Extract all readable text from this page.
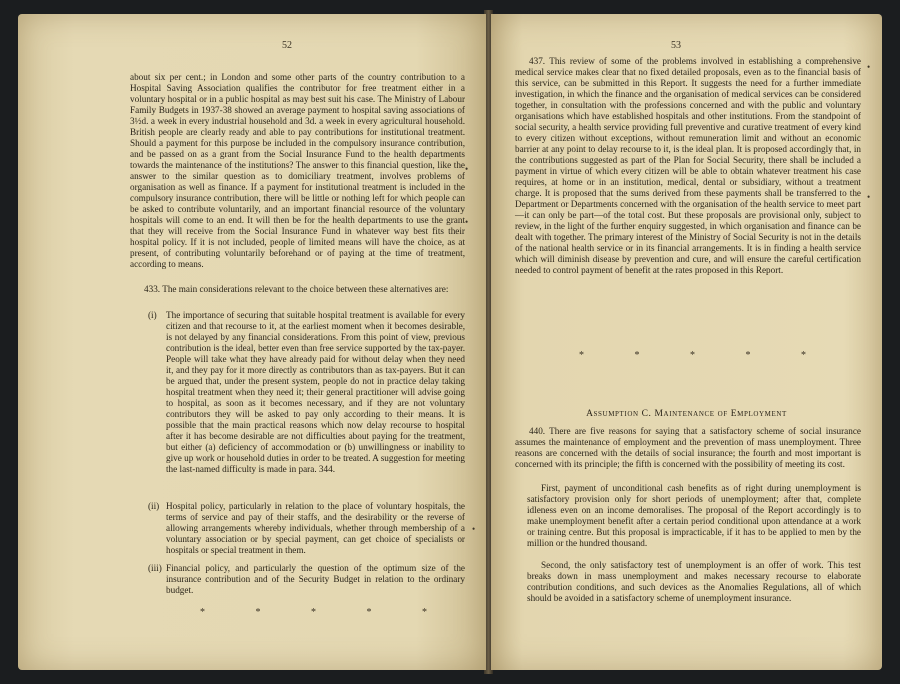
52

about six per cent.; in London and some other parts of the country contribution to a Hospital Saving Association qualifies the contributor for free treatment either in a voluntary hospital or in a public hospital as may best suit his case. The Ministry of Labour Family Budgets in 1937-38 showed an average payment to hospital saving associations of 3½d. a week in every industrial household and 3d. a week in every agricultural household. British people are clearly ready and able to pay contributions for institutional treatment. Should a payment for this purpose be included in the compulsory insurance contribution, and be passed on as a grant from the Social Insurance Fund to the health departments towards the maintenance of the institutions? The answer to this financial question, like the answer to the similar question as to domiciliary treatment, involves problems of organisation as well as finance. If a payment for institutional treatment is included in the compulsory insurance contribution, there will be little or nothing left for which people can be asked to contribute voluntarily, and an important financial resource of the voluntary hospitals will come to an end. It will then be for the health departments to use the grant that they will receive from the Social Insurance Fund in whatever way best fits their hospital policy. If it is not included, people of limited means will have the choice, as at present, of contributing voluntarily beforehand or of paying at the time of treatment, according to means.

433. The main considerations relevant to the choice between these alternatives are:

(i) The importance of securing that suitable hospital treatment is available for every citizen and that recourse to it, at the earliest moment when it becomes desirable, is not delayed by any financial considerations. From this point of view, previous contribution is the ideal, better even than free service supported by the tax-payer. People will take what they have already paid for without delay when they need it, and they pay for it more directly as contributors than as tax-payers. But it can be argued that, under the present system, people do not in practice delay taking hospital treatment when they need it; their general practitioner will advise going to hospital, as soon as it becomes necessary, and if they are not voluntary contributors they will be asked to pay only according to their means. It is possible that the main practical reasons which now delay recourse to hospital after it has become desirable are not difficulties about paying for the treatment, but either (a) deficiency of accommodation or (b) unwillingness or inability to give up work or household duties in order to be treated. A suggestion for meeting the last-named difficulty is made in para. 344.
(ii) Hospital policy, particularly in relation to the place of voluntary hospitals, the terms of service and pay of their staffs, and the desirability or the reverse of allowing arrangements whereby individuals, whether through membership of a voluntary association or by special payment, can get choice of specialists or hospitals or special treatment in them.
(iii) Financial policy, and particularly the question of the optimum size of the insurance contribution and of the Security Budget in relation to the ordinary budget.
* * * * *
•
•
•
53

437. This review of some of the problems involved in establishing a comprehensive medical service makes clear that no fixed detailed proposals, even as to the financial basis of this service, can be submitted in this Report. It suggests the need for a further immediate investigation, in which the finance and the organisation of medical services can be considered together, in consultation with the professions concerned and with the public and voluntary organisations which have established hospitals and other institutions. From the standpoint of social security, a health service providing full preventive and curative treatment of every kind to every citizen without exceptions, without remuneration limit and without an economic barrier at any point to delay recourse to it, is the ideal plan. It is proposed accordingly that, in the contributions suggested as part of the Plan for Social Security, there shall be included a payment in virtue of which every citizen will be able to obtain whatever treatment his case requires, at home or in an institution, medical, dental or subsidiary, without a treatment charge. It is proposed that the sums derived from these payments shall be transferred to the Department or Departments concerned with the organisation of the health service to meet part—it can only be part—of the total cost. But these proposals are provisional only, subject to review, in the light of the further enquiry suggested, in which organisation and finance can be dealt with together. The primary interest of the Ministry of Social Security is not in the details of the national health service or in its financial arrangements. It is in finding a health service which will diminish disease by prevention and cure, and will ensure the careful certification needed to control payment of benefit at the rates proposed in this Report.

* * * * *
Assumption C. Maintenance of Employment

440. There are five reasons for saying that a satisfactory scheme of social insurance assumes the maintenance of employment and the prevention of mass unemployment. Three reasons are concerned with the details of social insurance; the fourth and most important is concerned with its principle; the fifth is concerned with the possibility of meeting its cost.

First, payment of unconditional cash benefits as of right during unemployment is satisfactory provision only for short periods of unemployment; after that, complete idleness even on an income demoralises. The proposal of the Report accordingly is to make unemployment benefit after a certain period conditional upon attendance at a work or training centre. But this proposal is impracticable, if it has to be applied to men by the million or the hundred thousand.

Second, the only satisfactory test of unemployment is an offer of work. This test breaks down in mass unemployment and makes necessary recourse to elaborate contribution conditions, and such devices as the Anomalies Regulations, all of which should be avoided in a satisfactory scheme of unemployment insurance.

•
•
